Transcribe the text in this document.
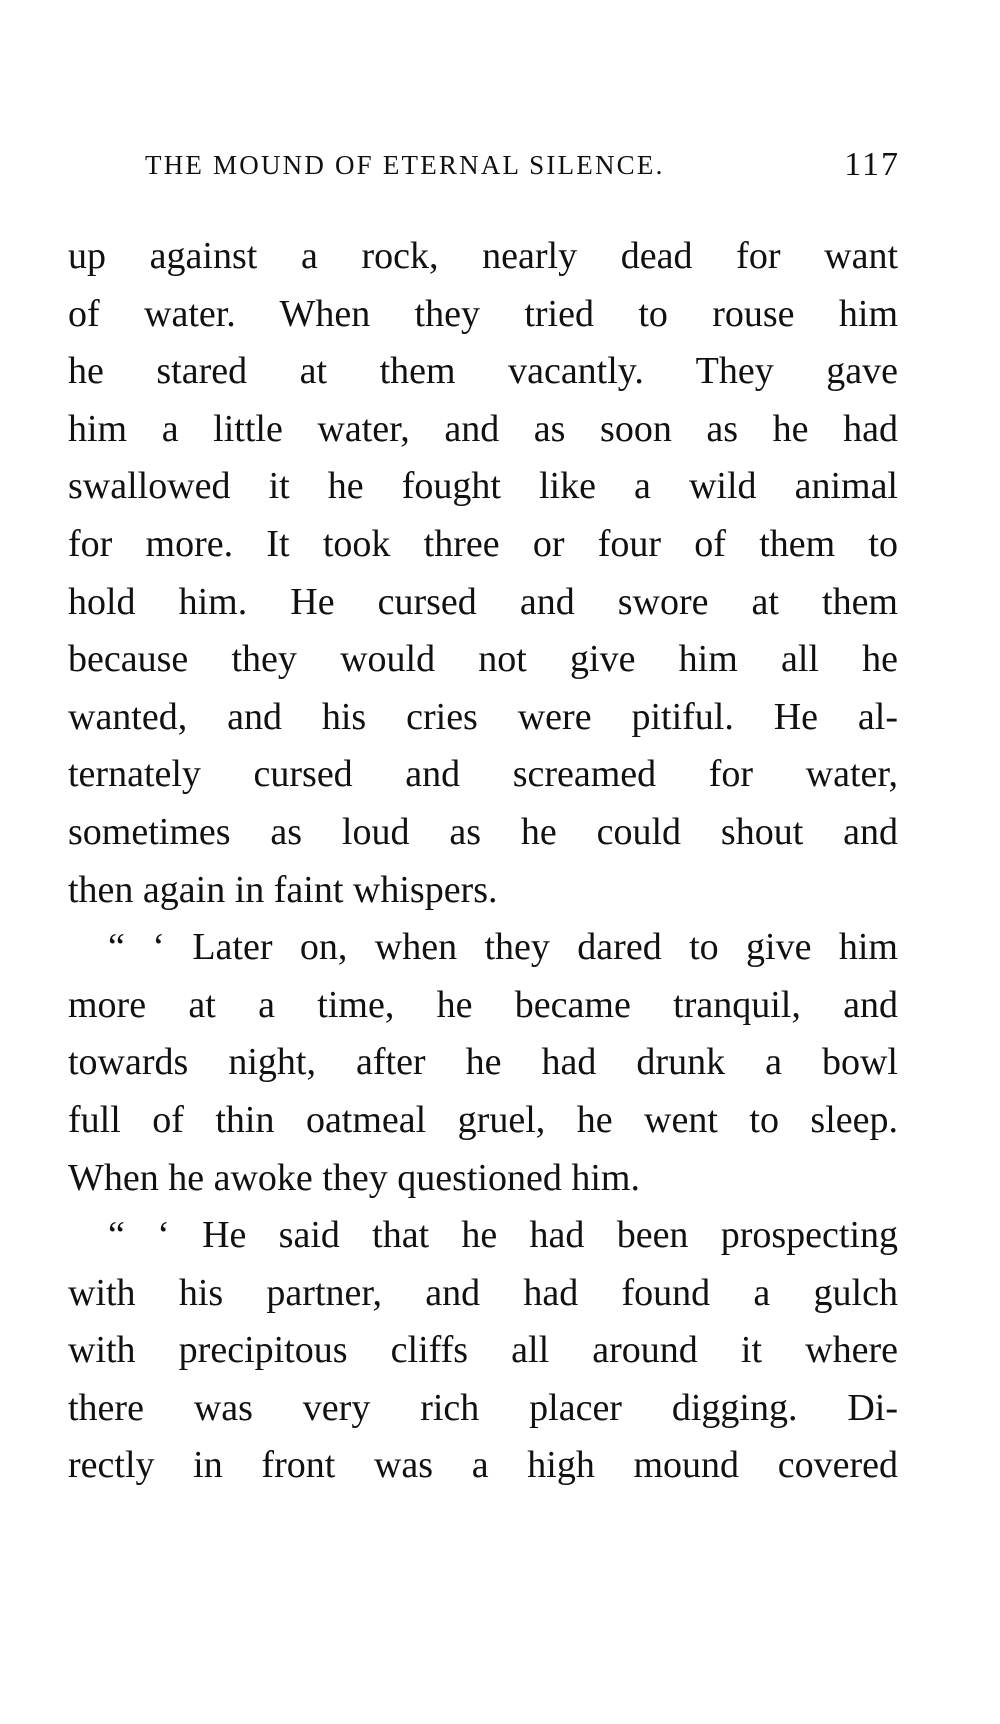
THE MOUND OF ETERNAL SILENCE.	117
up against a rock, nearly dead for want
of water. When they tried to rouse him
he stared at them vacantly. They gave
him a little water, and as soon as he had
swallowed it he fought like a wild animal
for more. It took three or four of them to
hold him. He cursed and swore at them
because they would not give him all he
wanted, and his cries were pitiful. He al-
ternately cursed and screamed for water,
sometimes as loud as he could shout and
then again in faint whispers.
“ ‘ Later on, when they dared to give him
more at a time, he became tranquil, and
towards night, after he had drunk a bowl
full of thin oatmeal gruel, he went to sleep.
When he awoke they questioned him.
“ ‘ He said that he had been prospecting
with his partner, and had found a gulch
with precipitous cliffs all around it where
there was very rich placer digging. Di-
rectly in front was a high mound covered
